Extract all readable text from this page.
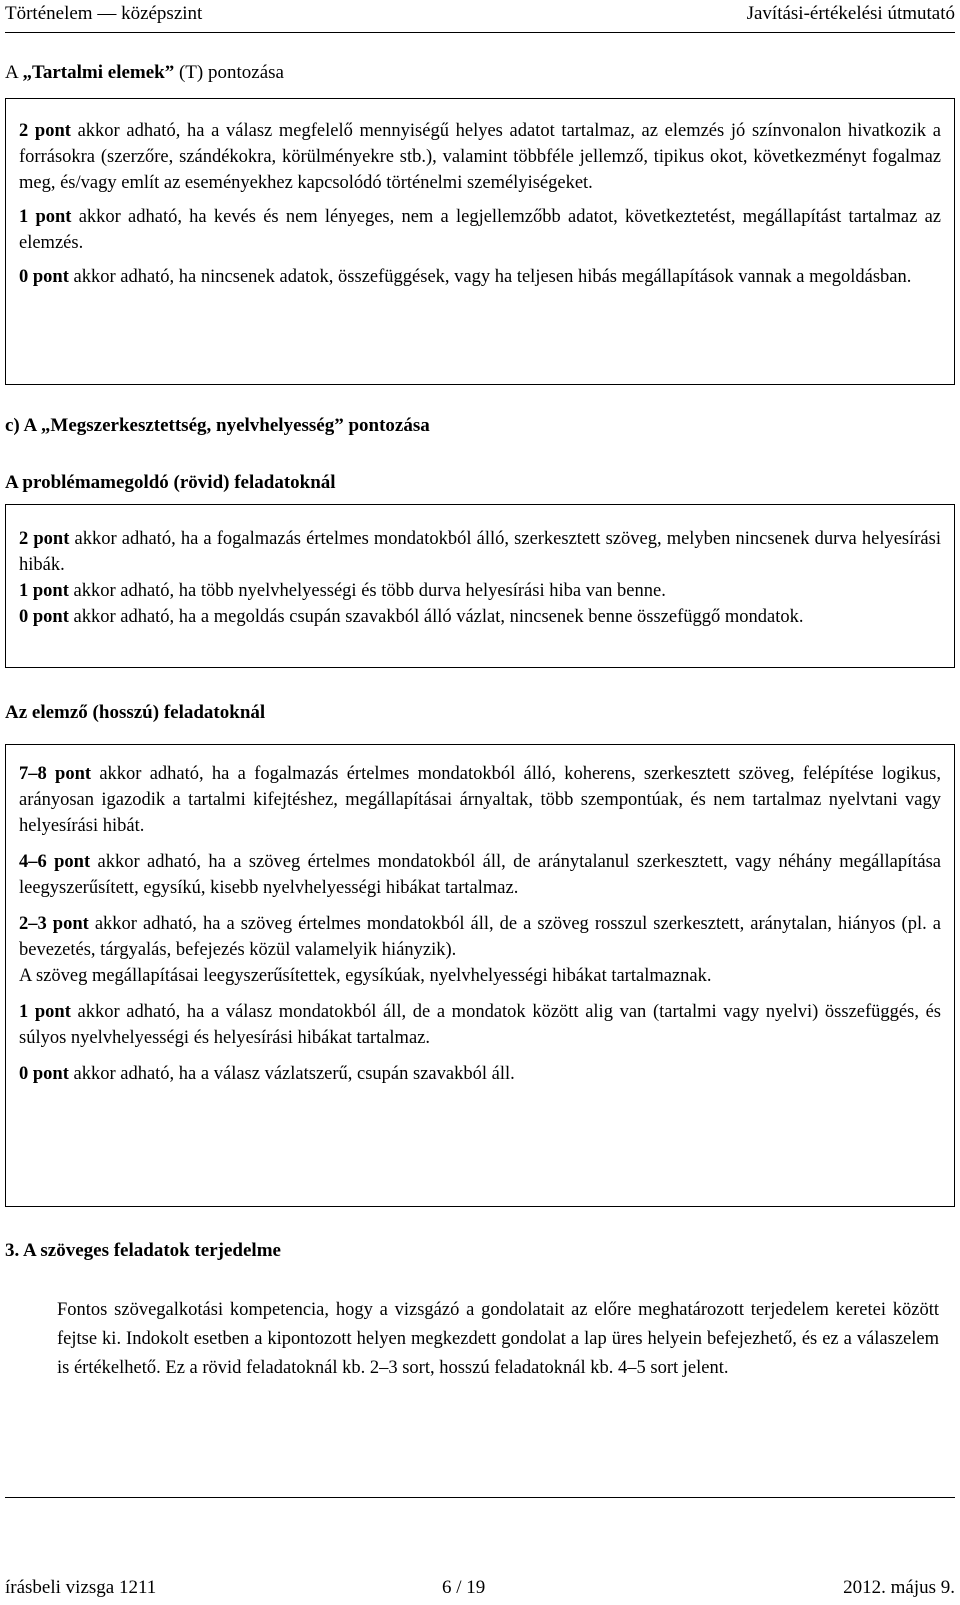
Történelem — középszint	Javítási-értékelési útmutató
A „Tartalmi elemek” (T) pontozása

2 pont akkor adható, ha a válasz megfelelő mennyiségű helyes adatot tartalmaz, az elemzés jó színvonalon hivatkozik a forrásokra (szerzőre, szándékokra, körülményekre stb.), valamint többféle jellemző, tipikus okot, következményt fogalmaz meg, és/vagy említ az eseményekhez kapcsolódó történelmi személyiségeket.

1 pont akkor adható, ha kevés és nem lényeges, nem a legjellemzőbb adatot, következtetést, megállapítást tartalmaz az elemzés.

0 pont akkor adható, ha nincsenek adatok, összefüggések, vagy ha teljesen hibás megállapítások vannak a megoldásban.

c) A „Megszerkesztettség, nyelvhelyesség” pontozása
A problémamegoldó (rövid) feladatoknál

2 pont akkor adható, ha a fogalmazás értelmes mondatokból álló, szerkesztett szöveg, melyben nincsenek durva helyesírási hibák.

1 pont akkor adható, ha több nyelvhelyességi és több durva helyesírási hiba van benne.

0 pont akkor adható, ha a megoldás csupán szavakból álló vázlat, nincsenek benne összefüggő mondatok.

Az elemző (hosszú) feladatoknál

7–8 pont akkor adható, ha a fogalmazás értelmes mondatokból álló, koherens, szerkesztett szöveg, felépítése logikus, arányosan igazodik a tartalmi kifejtéshez, megállapításai árnyaltak, több szempontúak, és nem tartalmaz nyelvtani vagy helyesírási hibát.

4–6 pont akkor adható, ha a szöveg értelmes mondatokból áll, de aránytalanul szerkesztett, vagy néhány megállapítása leegyszerűsített, egysíkú, kisebb nyelvhelyességi hibákat tartalmaz.

2–3 pont akkor adható, ha a szöveg értelmes mondatokból áll, de a szöveg rosszul szerkesztett, aránytalan, hiányos (pl. a bevezetés, tárgyalás, befejezés közül valamelyik hiányzik).

A szöveg megállapításai leegyszerűsítettek, egysíkúak, nyelvhelyességi hibákat tartalmaznak.

1 pont akkor adható, ha a válasz mondatokból áll, de a mondatok között alig van (tartalmi vagy nyelvi) összefüggés, és súlyos nyelvhelyességi és helyesírási hibákat tartalmaz.

0 pont akkor adható, ha a válasz vázlatszerű, csupán szavakból áll.

3. A szöveges feladatok terjedelme
Fontos szövegalkotási kompetencia, hogy a vizsgázó a gondolatait az előre meghatározott terjedelem keretei között fejtse ki. Indokolt esetben a kipontozott helyen megkezdett gondolat a lap üres helyein befejezhető, és ez a válaszelem is értékelhető. Ez a rövid feladatoknál kb. 2–3 sort, hosszú feladatoknál kb. 4–5 sort jelent.
írásbeli vizsga 1211	6 / 19	2012. május 9.
